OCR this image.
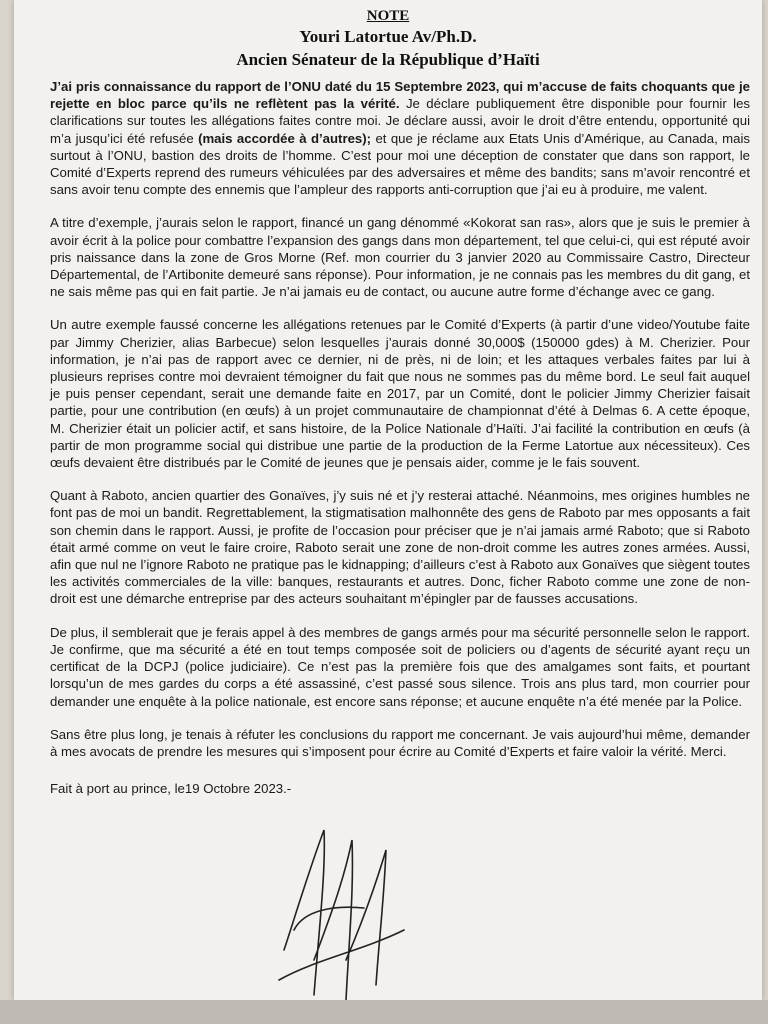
NOTE
Youri Latortue Av/Ph.D.
Ancien Sénateur de la République d’Haïti

J’ai pris connaissance du rapport de l’ONU daté du 15 Septembre 2023, qui m’accuse de faits choquants que je rejette en bloc parce qu’ils ne reflètent pas la vérité. Je déclare publiquement être disponible pour fournir les clarifications sur toutes les allégations faites contre moi. Je déclare aussi, avoir le droit d’être entendu, opportunité qui m’a jusqu’ici été refusée (mais accordée à d’autres); et que je réclame aux Etats Unis d’Amérique, au Canada, mais surtout à l’ONU, bastion des droits de l’homme. C’est pour moi une déception de constater que dans son rapport, le Comité d’Experts reprend des rumeurs véhiculées par des adversaires et même des bandits; sans m’avoir rencontré et sans avoir tenu compte des ennemis que l’ampleur des rapports anti-corruption que j’ai eu à produire, me valent.

A titre d’exemple, j’aurais selon le rapport, financé un gang dénommé «Kokorat san ras», alors que je suis le premier à avoir écrit à la police pour combattre l’expansion des gangs dans mon département, tel que celui-ci, qui est réputé avoir pris naissance dans la zone de Gros Morne (Ref. mon courrier du 3 janvier 2020 au Commissaire Castro, Directeur Départemental, de l’Artibonite demeuré sans réponse). Pour information, je ne connais pas les membres du dit gang, et ne sais même pas qui en fait partie. Je n’ai jamais eu de contact, ou aucune autre forme d’échange avec ce gang.

Un autre exemple faussé concerne les allégations retenues par le Comité d’Experts (à partir d’une video/Youtube faite par Jimmy Cherizier, alias Barbecue) selon lesquelles j’aurais donné 30,000$ (150000 gdes) à M. Cherizier. Pour information, je n’ai pas de rapport avec ce dernier, ni de près, ni de loin; et les attaques verbales faites par lui à plusieurs reprises contre moi devraient témoigner du fait que nous ne sommes pas du même bord. Le seul fait auquel je puis penser cependant, serait une demande faite en 2017, par un Comité, dont le policier Jimmy Cherizier faisait partie, pour une contribution (en œufs) à un projet communautaire de championnat d’été à Delmas 6. A cette époque, M. Cherizier était un policier actif, et sans histoire, de la Police Nationale d’Haïti. J’ai facilité la contribution en œufs (à partir de mon programme social qui distribue une partie de la production de la Ferme Latortue aux nécessiteux). Ces œufs devaient être distribués par le Comité de jeunes que je pensais aider, comme je le fais souvent.

Quant à Raboto, ancien quartier des Gonaïves, j’y suis né et j’y resterai attaché. Néanmoins, mes origines humbles ne font pas de moi un bandit. Regrettablement, la stigmatisation malhonnête des gens de Raboto par mes opposants a fait son chemin dans le rapport. Aussi, je profite de l’occasion pour préciser que je n’ai jamais armé Raboto; que si Raboto était armé comme on veut le faire croire, Raboto serait une zone de non-droit comme les autres zones armées. Aussi, afin que nul ne l’ignore Raboto ne pratique pas le kidnapping; d’ailleurs c’est à Raboto aux Gonaïves que siègent toutes les activités commerciales de la ville: banques, restaurants et autres. Donc, ficher Raboto comme une zone de non-droit est une démarche entreprise par des acteurs souhaitant m’épingler par de fausses accusations.

De plus, il semblerait que je ferais appel à des membres de gangs armés pour ma sécurité personnelle selon le rapport. Je confirme, que ma sécurité a été en tout temps composée soit de policiers ou d’agents de sécurité ayant reçu un certificat de la DCPJ (police judiciaire). Ce n’est pas la première fois que des amalgames sont faits, et pourtant lorsqu’un de mes gardes du corps a été assassiné, c’est passé sous silence. Trois ans plus tard, mon courrier pour demander une enquête à la police nationale, est encore sans réponse; et aucune enquête n’a été menée par la Police.

Sans être plus long, je tenais à réfuter les conclusions du rapport me concernant. Je vais aujourd’hui même, demander à mes avocats de prendre les mesures qui s’imposent pour écrire au Comité d’Experts et faire valoir la vérité. Merci.

Fait à port au prince, le19 Octobre 2023.-
